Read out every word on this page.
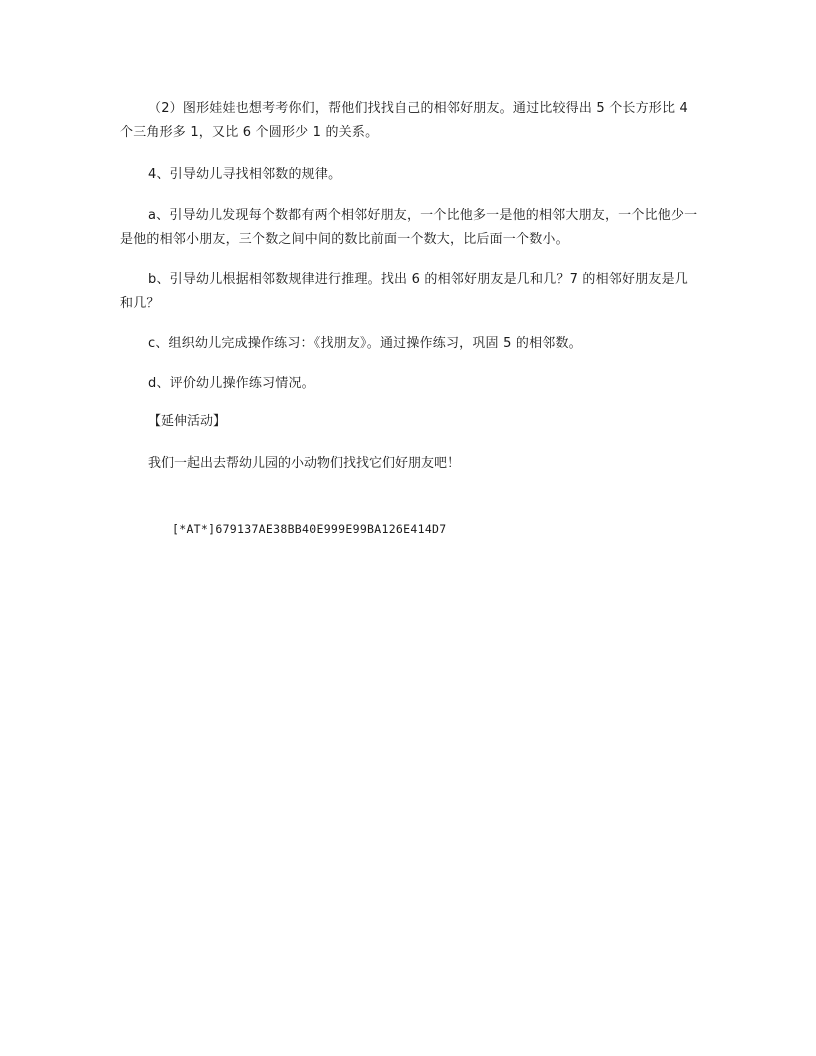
（2）图形娃娃也想考考你们，帮他们找找自己的相邻好朋友。通过比较得出 5 个长方形比 4 个三角形多 1，又比 6 个圆形少 1 的关系。

4、引导幼儿寻找相邻数的规律。

a、引导幼儿发现每个数都有两个相邻好朋友，一个比他多一是他的相邻大朋友，一个比他少一是他的相邻小朋友，三个数之间中间的数比前面一个数大，比后面一个数小。

b、引导幼儿根据相邻数规律进行推理。找出 6 的相邻好朋友是几和几？7 的相邻好朋友是几和几？

c、组织幼儿完成操作练习：《找朋友》。通过操作练习，巩固 5 的相邻数。

d、评价幼儿操作练习情况。

【延伸活动】

我们一起出去帮幼儿园的小动物们找找它们好朋友吧！

[*AT*]679137AE38BB40E999E99BA126E414D7
